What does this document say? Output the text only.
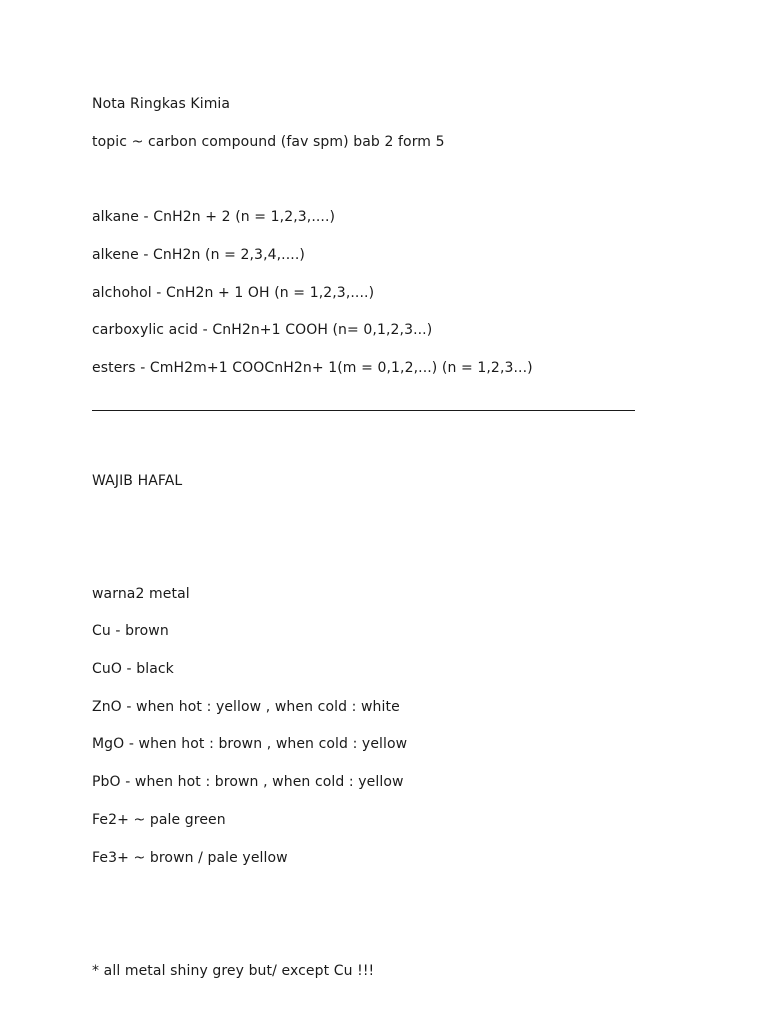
Nota Ringkas Kimia
topic ~ carbon compound (fav spm) bab 2 form 5
alkane - CnH2n + 2 (n = 1,2,3,....)
alkene - CnH2n (n = 2,3,4,....)
alchohol - CnH2n + 1 OH (n = 1,2,3,....)
carboxylic acid - CnH2n+1 COOH (n= 0,1,2,3...)
esters - CmH2m+1 COOCnH2n+ 1(m = 0,1,2,...) (n = 1,2,3...)
WAJIB HAFAL
warna2 metal
Cu - brown
CuO - black
ZnO - when hot : yellow , when cold : white
MgO - when hot : brown , when cold : yellow
PbO - when hot : brown , when cold : yellow
Fe2+ ~ pale green
Fe3+ ~ brown / pale yellow
* all metal shiny grey but/ except Cu !!!
